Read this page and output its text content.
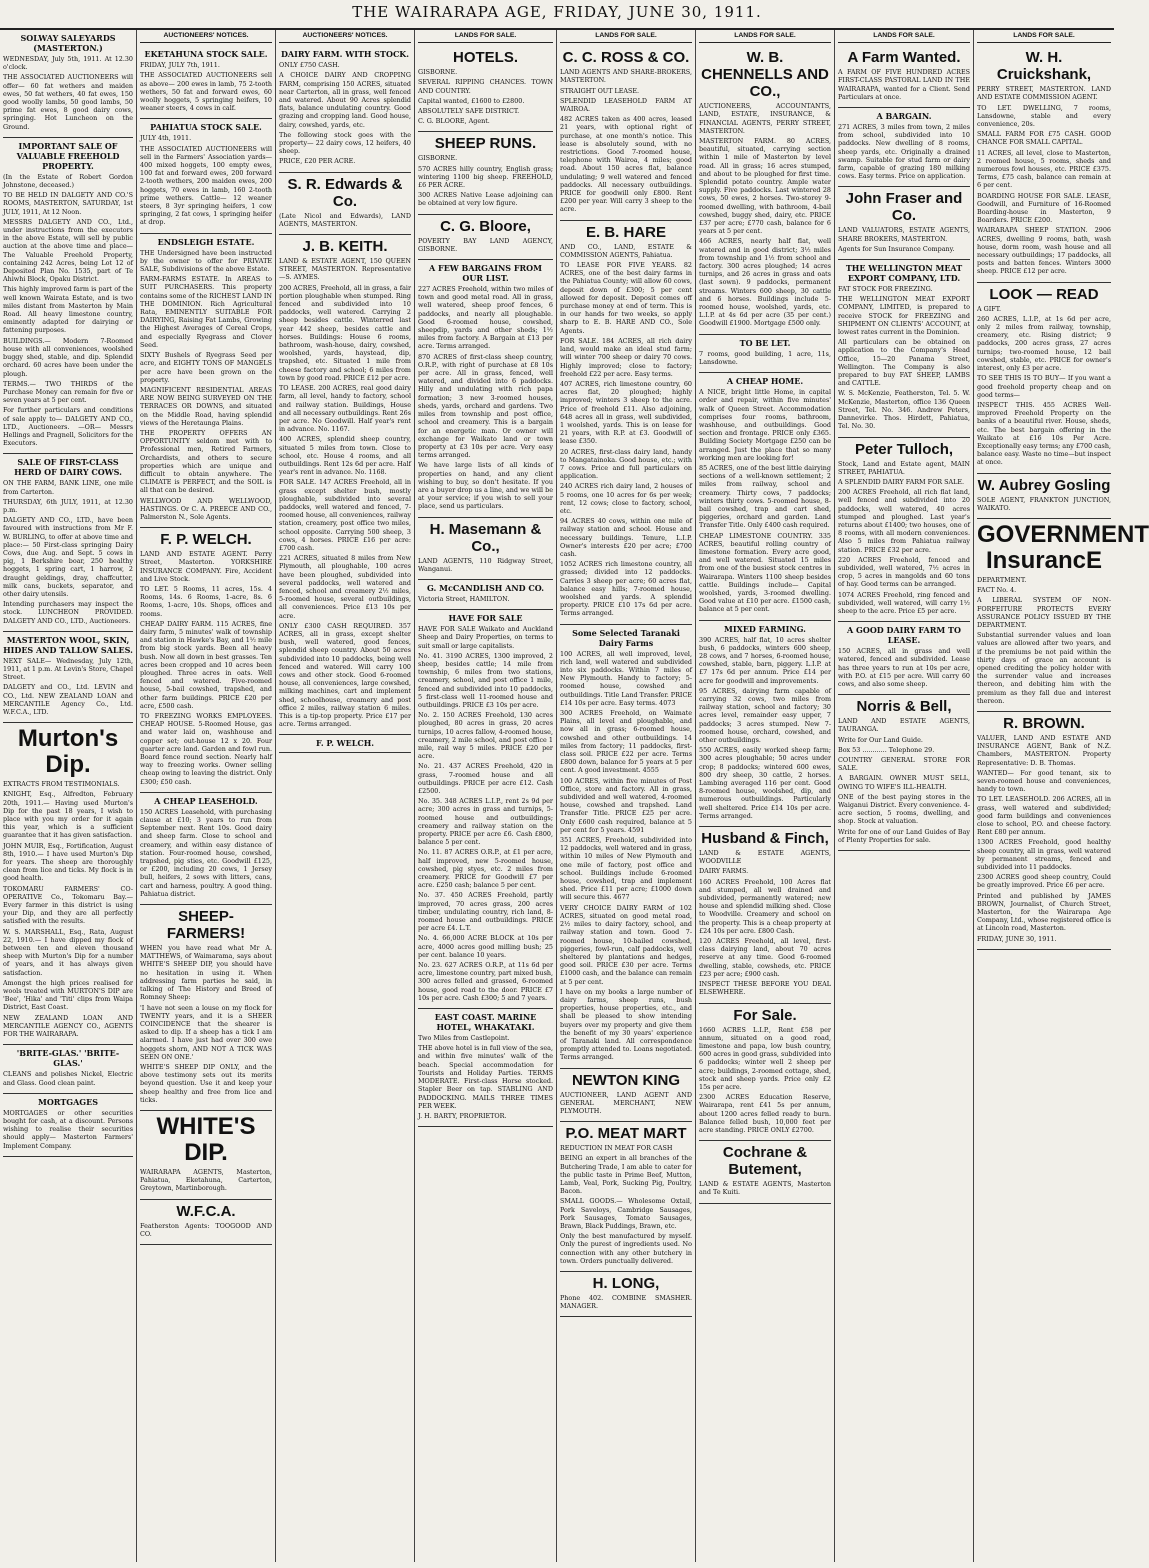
THE WAIRARAPA AGE, FRIDAY, JUNE 30, 1911.
SOLWAY SALEYARDS (MASTERTON.)

WEDNESDAY, July 5th, 1911. At 12.30 o'clock.

THE ASSOCIATED AUCTIONEERS will offer— 60 fat wethers and maiden ewes, 50 fat wethers, 40 fat ewes, 150 good woolly lambs, 50 good lambs, 50 prime fat ewes, 8 good dairy cows, springing. Hot Luncheon on the Ground.

IMPORTANT SALE OF VALUABLE FREEHOLD PROPERTY.

(In the Estate of Robert Gordon Johnstone, deceased.)

TO BE HELD IN DALGETY AND CO.'S ROOMS, MASTERTON, SATURDAY, 1st JULY, 1911, At 12 Noon.

MESSRS DALGETY AND CO., Ltd., under instructions from the executors in the above Estate, will sell by public auction at the above time and place— The Valuable Freehold Property, containing 242 Acres, being Lot 12 of Deposited Plan No. 1535, part of Te Ahiwhi Block, Opaku District.

This highly improved farm is part of the well known Wairata Estate, and is two miles distant from Masterton by Main Road. All heavy limestone country, eminently adapted for dairying or fattening purposes.

BUILDINGS.— Modern 7-Roomed house with all conveniences, woolshed buggy shed, stable, and dip. Splendid orchard. 60 acres have been under the plough.

TERMS.— TWO THIRDS of the Purchase Money can remain for five or seven years at 5 per cent.

For further particulars and conditions of sale apply to— DALGETY AND CO., LTD., Auctioneers. —OR— Messrs Hellings and Pragnell, Solicitors for the Executors.

SALE OF FIRST-CLASS HERD OF DAIRY COWS.

ON THE FARM, BANK LINE, one mile from Carterton.

THURSDAY, 6th JULY, 1911, at 12.30 p.m.

DALGETY AND CO., LTD., have been favoured with instructions from Mr F. W. BURLING, to offer at above time and place:— 50 First-class springing Dairy Cows, due Aug. and Sept. 5 cows in pig, 1 Berkshire boar, 250 healthy hoggets, 1 spring cart, 1 harrow, 2 draught geldings, dray, chaffcutter, milk cans, buckets, separator, and other dairy utensils.

Intending purchasers may inspect the stock. LUNCHEON PROVIDED. DALGETY AND CO., LTD., Auctioneers.

MASTERTON WOOL, SKIN, HIDES AND TALLOW SALES.

NEXT SALE— Wednesday, July 12th, 1911, at 1 p.m. At Levin's Store, Chapel Street.

DALGETY and CO., Ltd. LEVIN and CO., Ltd. NEW ZEALAND LOAN and MERCANTILE Agency Co., Ltd. W.F.C.A., LTD.

Murton's Dip.

EXTRACTS FROM TESTIMONIALS.

KNIGHT, Esq., Alfredton, February 20th, 1911.— Having used Murton's Dip for the past 18 years, I wish to place with you my order for it again this year, which is a sufficient guarantee that it has given satisfaction.

JOHN MUIR, Esq., Fortification, August 8th, 1910.— I have used Murton's Dip for years. The sheep are thoroughly clean from lice and ticks. My flock is in good health.

TOKOMARU FARMERS' CO-OPERATIVE Co., Tokomaru Bay.— Every farmer in this district is using your Dip, and they are all perfectly satisfied with the results.

W. S. MARSHALL, Esq., Rata, August 22, 1910.— I have dipped my flock of between ten and eleven thousand sheep with Murton's Dip for a number of years, and it has always given satisfaction.

Amongst the high prices realised for wools treated with MURTON'S DIP are 'Bee', 'Hika' and 'Titi' clips from Waipa District, East Coast.

NEW ZEALAND LOAN AND MERCANTILE AGENCY CO., AGENTS FOR THE WAIRARAPA.

'BRITE-GLAS.' 'BRITE-GLAS.'

CLEANS and polishes Nickel, Electric and Glass. Good clean paint.

MORTGAGES

MORTGAGES or other securities bought for cash, at a discount. Persons wishing to realise their securities should apply— Masterton Farmers' Implement Company.

AUCTIONEERS' NOTICES.
EKETAHUNA STOCK SALE.

FRIDAY, JULY 7th, 1911.

THE ASSOCIATED AUCTIONEERS sell as above— 200 ewes in lamb, 75 2-tooth wethers, 50 fat and forward ewes, 60 woolly hoggets, 5 springing heifers, 10 weaner steers, 4 cows in calf.

PAHIATUA STOCK SALE.

JULY 4th, 1911.

THE ASSOCIATED AUCTIONEERS will sell in the Farmers' Association yards— 400 mixed hoggets, 100 empty ewes, 100 fat and forward ewes, 200 forward 2-tooth wethers, 200 maiden ewes, 200 hoggets, 70 ewes in lamb, 160 2-tooth prime wethers. Cattle— 12 weaner steers, 8 3yr springing heifers, 1 cow springing, 2 fat cows, 1 springing heifer at drop.

ENDSLEIGH ESTATE.

THE Undersigned have been instructed by the owner to offer for PRIVATE SALE, Subdivisions of the above Estate.

FARM-FARMS ESTATE. In AREAS to SUIT PURCHASERS. This property contains some of the RICHEST LAND IN THE DOMINION. Rich Agricultural Rata, EMINENTLY SUITABLE FOR DAIRYING, Raising Fat Lambs, Growing the Highest Averages of Cereal Crops, and especially Ryegrass and Clover Seed.

SIXTY Bushels of Ryegrass Seed per acre, and EIGHTY TONS OF MANGELS per acre have been grown on the property.

MAGNIFICENT RESIDENTIAL AREAS ARE NOW BEING SURVEYED ON THE TERRACES OR DOWNS, and situated on the Middle Road, having splendid views of the Heretaunga Plains.

THE PROPERTY OFFERS AN OPPORTUNITY seldom met with to Professional men, Retired Farmers, Orchardists, and others to secure properties which are unique and difficult to obtain anywhere. The CLIMATE is PERFECT, and the SOIL is all that can be desired.

WELLWOOD AND WELLWOOD, HASTINGS. Or C. A. PREECE AND CO., Palmerston N., Sole Agents.

F. P. WELCH.

LAND AND ESTATE AGENT. Perry Street, Masterton. YORKSHIRE INSURANCE COMPANY. Fire, Accident and Live Stock.

TO LET. 5 Rooms, 11 acres, 15s. 4 Rooms, 14s. 6 Rooms, 1-acre, 8s. 6 Rooms, 1-acre, 10s. Shops, offices and rooms.

CHEAP DAIRY FARM. 115 ACRES, fine dairy farm, 5 minutes' walk of township and station in Hawke's Bay, and 1½ mile from big stock yards. Been all heavy bush. Now all down in best grasses. Ten acres been cropped and 10 acres been ploughed. Three acres in oats. Well fenced and watered. Five-roomed house, 5-bail cowshed, trapshed, and other farm buildings. PRICE £20 per acre, £500 cash.

TO FREEZING WORKS EMPLOYEES. CHEAP HOUSE. 5-Roomed House, gas and water laid on, washhouse and copper set; out-house 12 x 20. Four quarter acre land. Garden and fowl run. Board fence round section. Nearly half way to freezing works. Owner selling cheap owing to leaving the district. Only £300; £50 cash.

A CHEAP LEASEHOLD.

150 ACRES Leasehold, with purchasing clause at £10; 3 years to run from September next. Rent 10s. Good dairy and sheep farm. Close to school and creamery, and within easy distance of station. Four-roomed house, cowshed, trapshed, pig sties, etc. Goodwill £125, or £200, including 20 cows, 1 Jersey bull, heifers, 2 sows with litters, cans, cart and harness, poultry. A good thing. Pahiatua district.

SHEEP-FARMERS!

WHEN you have read what Mr A. MATTHEWS, of Waimarama, says about WHITE'S SHEEP DIP, you should have no hesitation in using it. When addressing farm parties he said, in talking of The History and Breed of Romney Sheep:

'I have not seen a louse on my flock for TWENTY years, and it is a SHEER COINCIDENCE that the shearer is asked to dip. If a sheep has a tick I am alarmed. I have just had over 300 ewe hoggets shorn, AND NOT A TICK WAS SEEN ON ONE.'

WHITE'S SHEEP DIP ONLY, and the above testimony sets out its merits beyond question. Use it and keep your sheep healthy and free from lice and ticks.

WHITE'S DIP.

WAIRARAPA AGENTS, Masterton, Pahiatua, Eketahuna, Carterton, Greytown, Martinborough.

W.F.C.A.

Featherston Agents: TOOGOOD AND CO.

AUCTIONEERS' NOTICES.
DAIRY FARM. WITH STOCK.

ONLY £750 CASH.

A CHOICE DAIRY AND CROPPING FARM, comprising 150 ACRES, situated near Carterton, all in grass, well fenced and watered. About 90 Acres splendid flats, balance undulating country. Good grazing and cropping land. Good house, dairy, cowshed, yards, etc.

The following stock goes with the property— 22 dairy cows, 12 heifers, 40 sheep.

PRICE, £20 PER ACRE.

S. R. Edwards & Co.

(Late Nicol and Edwards), LAND AGENTS, MASTERTON.

J. B. KEITH.

LAND & ESTATE AGENT, 150 QUEEN STREET, MASTERTON. Representative—S. AYMES.

200 ACRES, Freehold, all in grass, a fair portion ploughable when stumped. Ring fenced and subdivided into 10 paddocks, well watered. Carrying 2 sheep besides cattle. Winterred last year 442 sheep, besides cattle and horses. Buildings: House 6 rooms, bathroom, wash-house, dairy, cowshed, woolshed, yards, haystead, dip, trapshed, etc. Situated 1 mile from cheese factory and school; 6 miles from town by good road. PRICE £12 per acre.

TO LEASE. 200 ACRES, real good dairy farm, all level, handy to factory, school and railway station. Buildings, House and all necessary outbuildings. Rent 26s per acre. No Goodwill. Half year's rent in advance. No. 1167.

400 ACRES, splendid sheep country, situated 5 miles from town. Close to school, etc. House 4 rooms, and all outbuildings. Rent 12s 6d per acre. Half year's rent in advance. No. 1168.

FOR SALE. 147 ACRES Freehold, all in grass except shelter bush, mostly ploughable, subdivided into several paddocks, well watered and fenced, 7-roomed house, all conveniences, railway station, creamery, post office two miles, school opposite. Carrying 500 sheep, 3 cows, 4 horses. PRICE £16 per acre: £700 cash.

221 ACRES, situated 8 miles from New Plymouth, all ploughable, 100 acres have been ploughed, subdivided into several paddocks, well watered and fenced, school and creamery 2½ miles, 5-roomed house, several outbuildings, all conveniences. Price £13 10s per acre.

ONLY £300 CASH REQUIRED. 357 ACRES, all in grass, except shelter bush, well watered, good fences, splendid sheep country. About 50 acres subdivided into 10 paddocks, being well fenced and watered. Will carry 100 cows and other stock. Good 6-roomed house, all conveniences, large cowshed, milking machines, cart and implement shed, schoolhouse, creamery and post office 2 miles, railway station 6 miles. This is a tip-top property. Price £17 per acre. Terms arranged.

F. P. WELCH.
LANDS FOR SALE.
HOTELS.

GISBORNE.

SEVERAL RIPPING CHANCES. TOWN AND COUNTRY.

Capital wanted, £1600 to £2800.

ABSOLUTELY SAFE DISTRICT.

C. G. BLOORE, Agent.

SHEEP RUNS.

GISBORNE.

570 ACRES hilly country, English grass; wintering 1100 big sheep. FREEHOLD, £6 PER ACRE.

300 ACRES Native Lease adjoining can be obtained at very low figure.

C. G. Bloore,

POVERTY BAY LAND AGENCY, GISBORNE.

A FEW BARGAINS FROM OUR LIST.

227 ACRES Freehold, within two miles of town and good metal road. All in grass, well watered, sheep proof fences, 6 paddocks, and nearly all ploughable. Good 6-roomed house, cowshed, sheepdip, yards and other sheds; 1½ miles from factory. A Bargain at £13 per acre. Terms arranged.

870 ACRES of first-class sheep country, O.R.P., with right of purchase at £8 10s per acre. All in grass, fenced, well watered, and divided into 6 paddocks. Hilly and undulating with rich papa formation; 3 new 3-roomed houses, sheds, yards, orchard and gardens. Two miles from township and post office, school and creamery. This is a bargain for an energetic man. Or owner will exchange for Waikato land or town property at £3 10s per acre. Very easy terms arranged.

We have large lists of all kinds of properties on hand, and any client wishing to buy, so don't hesitate. If you are a buyer drop us a line, and we will be at your service; if you wish to sell your place, send us particulars.

H. Masemann & Co.,

LAND AGENTS, 110 Ridgway Street, Wanganui.

G. McCANDLISH AND CO.

Victoria Street, HAMILTON.

HAVE FOR SALE

HAVE FOR SALE Waikato and Auckland Sheep and Dairy Properties, on terms to suit small or large capitalists.

No. 41. 3190 ACRES, 1300 improved, 2 sheep, besides cattle; 14 mile from township, 6 miles from two stations, creamery, school, and post office 1 mile, fenced and subdivided into 10 paddocks, 5 first-class well 11-roomed house and outbuildings. PRICE £3 10s per acre.

No. 2. 150 ACRES Freehold, 130 acres ploughed, 80 acres in grass, 20 acres turnips, 10 acres fallow, 4-roomed house, creamery, 2 mile school, and post office 1 mile, rail way 5 miles. PRICE £20 per acre.

No. 21. 437 ACRES Freehold, 420 in grass, 7-roomed house and all outbuildings. PRICE per acre £12. Cash £2500.

No. 35. 348 ACRES L.I.P., rent 2s 9d per acre; 300 acres in grass and turnips, 5-roomed house and outbuildings; creamery and railway station on the property. PRICE per acre £6. Cash £800, balance 5 per cent.

No. 11. 87 ACRES O.R.P., at £1 per acre, half improved, new 5-roomed house, cowshed, pig styes, etc. 2 miles from creamery. PRICE for Goodwill £7 per acre. £250 cash; balance 5 per cent.

No. 37. 450 ACRES Freehold, partly improved, 70 acres grass, 200 acres timber, undulating country, rich land, 8-roomed house and outbuildings. PRICE per acre £4. L.T.

No. 4. 66,000 ACRE BLOCK at 10s per acre, 4000 acres good milling bush; 25 per cent. balance 10 years.

No. 23. 627 ACRES O.R.P., at 11s 6d per acre, limestone country, part mixed bush, 300 acres felled and grassed, 6-roomed house, good road to the door. PRICE £7 10s per acre. Cash £300; 5 and 7 years.

EAST COAST. MARINE HOTEL, WHAKATAKI.

Two Miles from Castlepoint.

THE above hotel is in full view of the sea, and within five minutes' walk of the beach. Special accommodation for Tourists and Holiday Parties. TERMS MODERATE. First-class Horse stocked. Stapler Beer on tap. STABLING AND PADDOCKING. MAILS THREE TIMES PER WEEK.

J. H. BARTY, PROPRIETOR.

LANDS FOR SALE.
C. C. ROSS & CO.

LAND AGENTS AND SHARE-BROKERS, MASTERTON.

STRAIGHT OUT LEASE.

SPLENDID LEASEHOLD FARM AT WAIROA.

482 ACRES taken as 400 acres, leased 21 years, with optional right of purchase, at one month's notice. This lease is absolutely sound, with no restrictions. Good 7-roomed house, telephone with Wairoa, 4 miles; good road. About 150 acres flat, balance undulating; 9 well watered and fenced paddocks. All necessary outbuildings. PRICE for goodwill only £800. Rent £200 per year. Will carry 3 sheep to the acre.

E. B. HARE

AND CO., LAND, ESTATE & COMMISSION AGENTS, Pahiatua.

TO LEASE FOR FIVE YEARS. 82 ACRES, one of the best dairy farms in the Pahiatua County; will allow 60 cows, deposit down of £300; 5 per cent allowed for deposit. Deposit comes off purchase money at end of term. This is in our hands for two weeks, so apply sharp to E. B. HARE AND CO., Sole Agents.

FOR SALE. 184 ACRES, all rich dairy land, would make an ideal stud farm; will winter 700 sheep or dairy 70 cows. Highly improved; close to factory; freehold £22 per acre. Easy terms.

407 ACRES, rich limestone country, 60 acres flat, 20 ploughed; highly improved; winters 3 sheep to the acre. Price of freehold £11. Also adjoining, 648 acres all in grass, well subdivided, 1 woolshed, yards. This is on lease for 21 years, with R.P. at £3. Goodwill of lease £350.

20 ACRES, first-class dairy land, handy to Mangatainoka. Good house, etc.; with 7 cows. Price and full particulars on application.

240 ACRES rich dairy land, 2 houses of 5 rooms, one 10 acres for 6s per week; rent, 12 cows; close to factory, school, etc.

94 ACRES 40 cows, within one mile of railway station and school. House and necessary buildings. Tenure, L.I.P. Owner's interests £20 per acre; £700 cash.

1052 ACRES rich limestone country, all grassed; divided into 12 paddocks. Carries 3 sheep per acre; 60 acres flat, balance easy hills; 7-roomed house, woolshed and yards. A splendid property. PRICE £10 17s 6d per acre. Terms arranged.

Some Selected Taranaki Dairy Farms

100 ACRES, all well improved, level, rich land, well watered and subdivided into six paddocks. Within 7 miles of New Plymouth. Handy to factory; 5-roomed house, cowshed and outbuildings. Title Land Transfer. PRICE £14 10s per acre. Easy terms. 4073

300 ACRES Freehold, on Waimate Plains, all level and ploughable, and now all in grass; 6-roomed house, cowshed and other outbuildings. 14 miles from factory; 11 paddocks, first-class soil. PRICE £22 per acre. Terms £800 down, balance for 5 years at 5 per cent. A good investment. 4555

100 ACRES, within five minutes of Post Office, store and factory. All in grass, subdivided and well watered, 4-roomed house, cowshed and trapshed. Land Transfer Title. PRICE £25 per acre. Only £600 cash required, balance at 5 per cent for 5 years. 4591

351 ACRES, Freehold, subdivided into 12 paddocks, well watered and in grass, within 10 miles of New Plymouth and one mile of factory, post office and school. Buildings include 6-roomed house, cowshed, trap and implement shed. Price £11 per acre; £1000 down will secure this. 4677

VERY CHOICE DAIRY FARM of 102 ACRES, situated on good metal road, 2½ miles to dairy factory, school, and railway station and town. Good 7-roomed house, 10-bailed cowshed, piggeries, fowl-run, calf paddocks, well sheltered by plantations and hedges, good soil. PRICE £30 per acre. Terms £1000 cash, and the balance can remain at 5 per cent.

I have on my books a large number of dairy farms, sheep runs, bush properties, house properties, etc., and shall be pleased to show intending buyers over my property and give them the benefit of my 30 years' experience of Taranaki land. All correspondence promptly attended to. Loans negotiated. Terms arranged.

NEWTON KING

AUCTIONEER, LAND AGENT AND GENERAL MERCHANT, NEW PLYMOUTH.

P.O. MEAT MART

REDUCTION IN MEAT FOR CASH

BEING an expert in all branches of the Butchering Trade, I am able to cater for the public taste in Prime Beef, Mutton, Lamb, Veal, Pork, Sucking Pig, Poultry, Bacon.

SMALL GOODS.— Wholesome Oxtail, Pork Saveloys, Cambridge Sausages, Pork Sausages, Tomato Sausages, Brawn, Black Puddings, Brawn, etc.

Only the best manufactured by myself. Only the purest of ingredients used. No connection with any other butchery in town. Orders punctually delivered.

H. LONG,

Phone 402. COMBINE SMASHER. MANAGER.

LANDS FOR SALE.
W. B. CHENNELLS AND CO.,

AUCTIONEERS, ACCOUNTANTS, LAND, ESTATE, INSURANCE, & FINANCIAL AGENTS, PERRY STREET, MASTERTON.

MASTERTON FARM. 80 ACRES, beautiful, situated, carrying section within 1 mile of Masterton by level road. All in grass; 16 acres stumped, and about to be ploughed for first time. Splendid potato country. Ample water supply. Five paddocks. Last wintered 28 cows, 50 ewes, 2 horses. Two-storey 9-roomed dwelling, with bathroom, 4-bail cowshed, buggy shed, dairy, etc. PRICE £37 per acre; £770 cash, balance for 6 years at 5 per cent.

466 ACRES, nearly half flat, well watered and in good district; 3½ miles from township and 1½ from school and factory. 300 acres ploughed; 14 acres turnips, and 26 acres in grass and oats (last sown). 9 paddocks, permanent streams. Winters 600 sheep, 30 cattle and 6 horses. Buildings include 5-roomed house, woolshed, yards, etc. L.I.P. at 4s 6d per acre (35 per cent.) Goodwill £1900. Mortgage £500 only.

TO BE LET.

7 rooms, good building, 1 acre, 11s, Lansdowne.

A CHEAP HOME.

A NICE, bright little Home, in capital order and repair, within five minutes' walk of Queen Street. Accommodation comprises four rooms, bathroom, washhouse, and outbuildings. Good section and frontage. PRICE only £365. Building Society Mortgage £250 can be arranged. Just the place that so many working men are looking for!

85 ACRES, one of the best little dairying sections of a well-known settlement; 2 miles from railway, school and creamery. Thirty cows, 7 paddocks; winters thirty cows. 5-roomed house, 8-bail cowshed, trap and cart shed, piggeries, orchard and garden. Land Transfer Title. Only £400 cash required.

CHEAP LIMESTONE COUNTRY. 335 ACRES, beautiful rolling country of limestone formation. Every acre good, and well watered. Situated 15 miles from one of the busiest stock centres in Wairarapa. Winters 1100 sheep besides cattle. Buildings include— Capital woolshed, yards, 3-roomed dwelling. Good value at £10 per acre. £1500 cash, balance at 5 per cent.

MIXED FARMING.

390 ACRES, half flat, 10 acres shelter bush, 6 paddocks, winters 600 sheep, 28 cows, and 7 horses, 6-roomed house, cowshed, stable, barn, piggery. L.I.P. at £7 17s 6d per annum. Price £14 per acre for goodwill and improvements.

95 ACRES, dairying farm capable of carrying 32 cows, two miles from railway station, school and factory; 30 acres level, remainder easy upper, 7 paddocks; 3 acres stumped. New 7-roomed house, orchard, cowshed, and other outbuildings.

550 ACRES, easily worked sheep farm; 300 acres ploughable; 50 acres under crop; 8 paddocks; wintered 600 ewes, 800 dry sheep, 30 cattle, 2 horses. Lambing averaged 116 per cent. Good 8-roomed house, woolshed, dip, and numerous outbuildings. Particularly well sheltered. Price £14 10s per acre. Terms arranged.

Husband & Finch,

LAND & ESTATE AGENTS, WOODVILLE

DAIRY FARMS.

160 ACRES Freehold, 100 Acres flat and stumped, all well drained and subdivided, permanently watered; new house and splendid milking shed. Close to Woodville. Creamery and school on the property. This is a cheap property at £24 10s per acre. £800 Cash.

120 ACRES Freehold, all level, first-class dairying land, about 70 acres reserve at any time. Good 6-roomed dwelling, stable, cowsheds, etc. PRICE £23 per acre; £900 cash.

INSPECT THESE BEFORE YOU DEAL ELSEWHERE.

For Sale.

1660 ACRES L.I.P., Rent £58 per annum, situated on a good road, limestone and papa, low bush country, 600 acres in good grass, subdivided into 6 paddocks; winter well 2 sheep per acre; buildings, 2-roomed cottage, shed, stock and sheep yards. Price only £2 15s per acre.

2300 ACRES Education Reserve, Wairarapa, rent £41 5s per annum, about 1200 acres felled ready to burn. Balance felled bush, 10,000 feet per acre standing. PRICE ONLY £2700.

Cochrane & Butement,

LAND & ESTATE AGENTS, Masterton and Te Kuiti.

LANDS FOR SALE.
A Farm Wanted.

A FARM OF FIVE HUNDRED ACRES FIRST-CLASS PASTORAL LAND IN THE WAIRARAPA, wanted for a Client. Send Particulars at once.

A BARGAIN.

271 ACRES, 3 miles from town, 2 miles from school, subdivided into 10 paddocks. New dwelling of 8 rooms, sheep yards, etc. Originally a drained swamp. Suitable for stud farm or dairy farm, capable of grazing 180 milking cows. Easy terms. Price on application.

John Fraser and Co.

LAND VALUATORS, ESTATE AGENTS, SHARE BROKERS, MASTERTON.

Agents for Sun Insurance Company.

THE WELLINGTON MEAT EXPORT COMPANY, LTD.

FAT STOCK FOR FREEZING.

THE WELLINGTON MEAT EXPORT COMPANY, LIMITED, is prepared to receive STOCK for FREEZING and SHIPMENT ON CLIENTS' ACCOUNT, at lowest rates current in the Dominion.

All particulars can be obtained on application to the Company's Head Office, 15—20 Panama Street, Wellington. The Company is also prepared to buy FAT SHEEP, LAMBS and CATTLE.

W. S. McKenzie, Featherston, Tel. 5. W. McKenzie, Masterton, office 136 Queen Street, Tel. No. 346. Andrew Peters, Dannevirke. Thos. Hirdett, Pahiatua, Tel. No. 30.

Peter Tulloch,

Stock, Land and Estate agent, MAIN STREET, PAHIATUA.

A SPLENDID DAIRY FARM FOR SALE.

200 ACRES Freehold, all rich flat land, well fenced and subdivided into 20 paddocks, well watered, 40 acres stumped and ploughed. Last year's returns about £1400; two houses, one of 8 rooms, with all modern conveniences. Also 5 miles from Pahiatua railway station. PRICE £32 per acre.

220 ACRES Freehold, fenced and subdivided, well watered, 7½ acres in crop, 5 acres in mangolds and 60 tons of hay. Good terms can be arranged.

1074 ACRES Freehold, ring fenced and subdivided, well watered, will carry 1½ sheep to the acre. Price £5 per acre.

A GOOD DAIRY FARM TO LEASE.

150 ACRES, all in grass and well watered, fenced and subdivided. Lease has three years to run at 10s per acre, with P.O. at £15 per acre. Will carry 60 cows, and also some sheep.

Norris & Bell,

LAND AND ESTATE AGENTS, TAURANGA.

Write for Our Land Guide.

Box 53 ............ Telephone 29.

COUNTRY GENERAL STORE FOR SALE.

A BARGAIN. OWNER MUST SELL, OWING TO WIFE'S ILL-HEALTH.

ONE of the best paying stores in the Waiganui District. Every convenience. 4-acre section, 5 rooms, dwelling, and shop. Stock at valuation.

Write for one of our Land Guides of Bay of Plenty Properties for sale.

LANDS FOR SALE.
W. H. Cruickshank,

PERRY STREET, MASTERTON. LAND AND ESTATE COMMISSION AGENT.

TO LET. DWELLING, 7 rooms, Lansdowne, stable and every convenience, 20s.

SMALL FARM FOR £75 CASH. GOOD CHANCE FOR SMALL CAPITAL.

11 ACRES, all level, close to Masterton, 2 roomed house, 5 rooms, sheds and numerous fowl houses, etc. PRICE £375. Terms, £75 cash, balance can remain at 6 per cent.

BOARDING HOUSE FOR SALE. LEASE, Goodwill, and Furniture of 16-Roomed Boarding-house in Masterton, 9 Boarders. PRICE £200.

WAIRARAPA SHEEP STATION. 2906 ACRES, dwelling 9 rooms, bath, wash house, dorm room, wash house and all necessary outbuildings; 17 paddocks, all posts and batten fences. Winters 3000 sheep. PRICE £12 per acre.

LOOK — READ

A GIFT.

260 ACRES, L.I.P., at 1s 6d per acre, only 2 miles from railway, township, creamery, etc. Rising district; 9 paddocks, 200 acres grass, 27 acres turnips; two-roomed house, 12 bail cowshed, stable, etc. PRICE for owner's interest, only £3 per acre.

TO SEE THIS IS TO BUY— If you want a good freehold property cheap and on good terms—

INSPECT THIS. 455 ACRES Well-improved Freehold Property on the banks of a beautiful river. House, sheds, etc. The best bargain offering in the Waikato at £16 10s Per Acre. Exceptionally easy terms; any £700 cash, balance easy. Waste no time—but inspect at once.

W. Aubrey Gosling

SOLE AGENT, FRANKTON JUNCTION, WAIKATO.

GOVERNMENT InsurancE

DEPARTMENT.

FACT No. 4.

A LIBERAL SYSTEM OF NON-FORFEITURE PROTECTS EVERY ASSURANCE POLICY ISSUED BY THE DEPARTMENT.

Substantial surrender values and loan values are allowed after two years, and if the premiums be not paid within the thirty days of grace an account is opened crediting the policy holder with the surrender value and increases thereon, and debiting him with the premium as they fall due and interest thereon.

R. BROWN.

VALUER, LAND AND ESTATE AND INSURANCE AGENT, Bank of N.Z. Chambers, MASTERTON. Property Representative: D. B. Thomas.

WANTED— For good tenant, six to seven-roomed house and conveniences, handy to town.

TO LET. LEASEHOLD. 206 ACRES, all in grass, well watered and subdivided; good farm buildings and conveniences close to school, P.O. and cheese factory. Rent £80 per annum.

1300 ACRES Freehold, good healthy sheep country, all in grass, well watered by permanent streams, fenced and subdivided into 11 paddocks.

2300 ACRES good sheep country, Could be greatly improved. Price £6 per acre.

Printed and published by JAMES BROWN, Journalist, of Church Street, Masterton, for the Wairarapa Age Company, Ltd., whose registered office is at Lincoln road, Masterton.

FRIDAY, JUNE 30, 1911.
